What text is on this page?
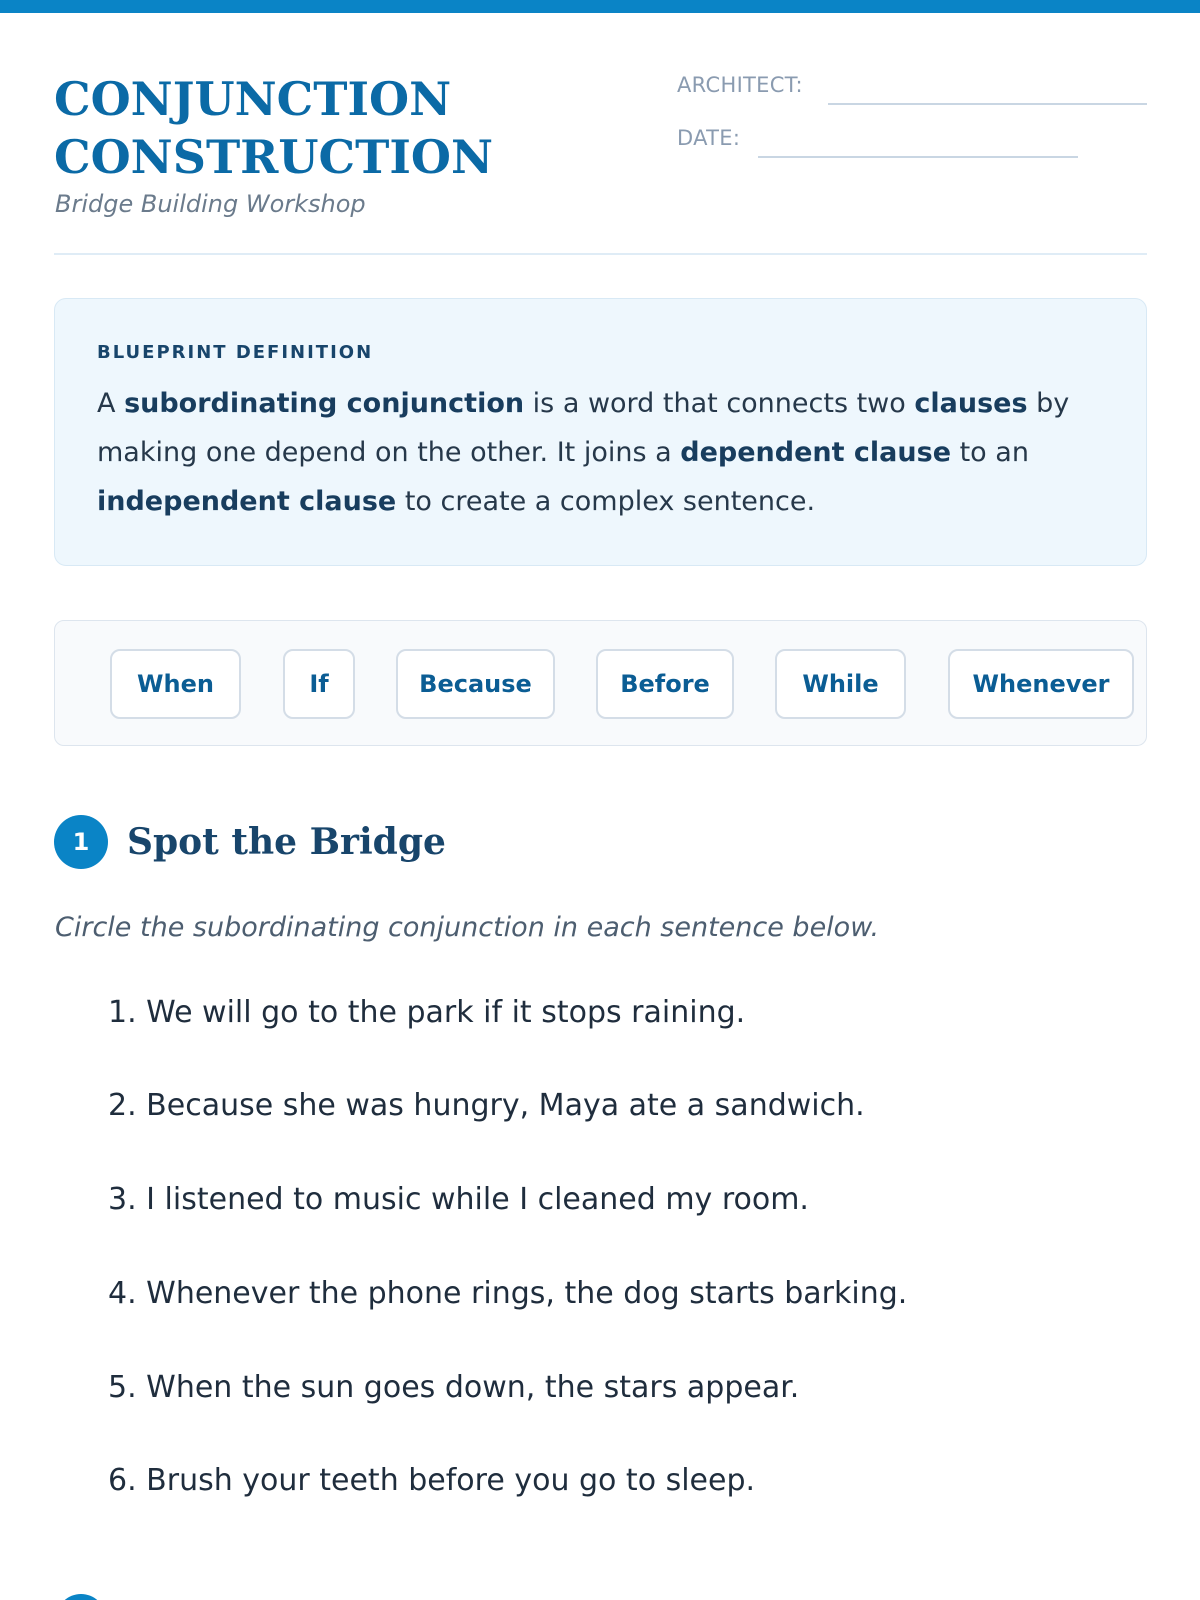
CONJUNCTION
CONSTRUCTION
Bridge Building Workshop
ARCHITECT:
DATE:
BLUEPRINT DEFINITION
A subordinating conjunction is a word that connects two clauses by making one depend on the other. It joins a dependent clause to an independent clause to create a complex sentence.
When	If	Because	Before	While	Whenever
1	Spot the Bridge
Circle the subordinating conjunction in each sentence below.
1. We will go to the park if it stops raining.
2. Because she was hungry, Maya ate a sandwich.
3. I listened to music while I cleaned my room.
4. Whenever the phone rings, the dog starts barking.
5. When the sun goes down, the stars appear.
6. Brush your teeth before you go to sleep.
